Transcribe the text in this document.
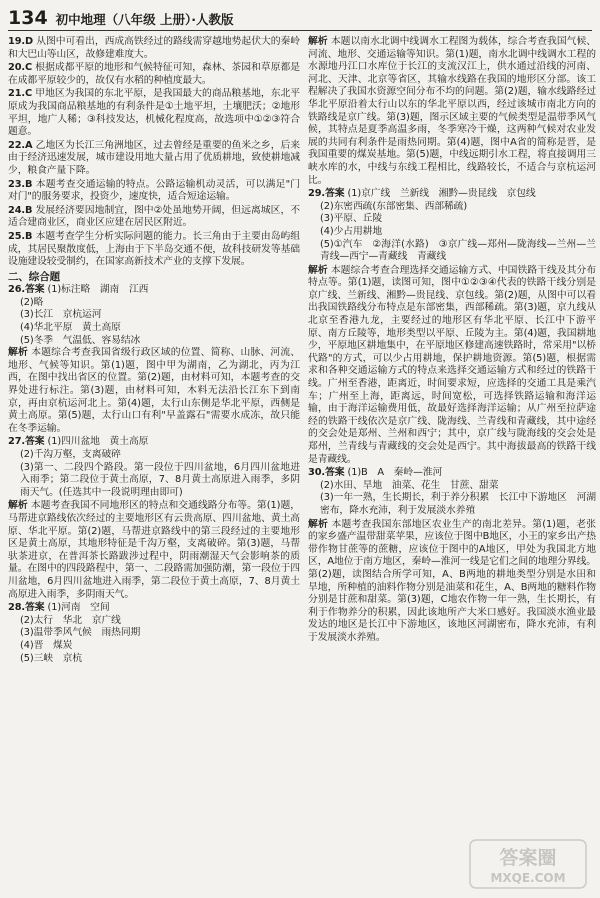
134 初中地理（八年级 上册）·人教版

19.D 从图中可看出，西成高铁经过的路线需穿越地势起伏大的秦岭和大巴山等山区，故修建难度大。

20.C 根据成都平原的地形和气候特征可知，森林、茶园和草原都是在成都平原较少的，故仅有水稻的种植度最大。

21.C 甲地区为我国的东北平原，是我国最大的商品粮基地，东北平原成为我国商品粮基地的有利条件是①土地平坦，土壤肥沃；②地形平坦，地广人稀；③科技发达，机械化程度高，故选项中①②③符合题意。

22.A 乙地区为长江三角洲地区，过去曾经是重要的鱼米之乡，后来由于经济迅速发展，城市建设用地大量占用了优质耕地，致使耕地减少，粮食产量下降。

23.B 本题考查交通运输的特点。公路运输机动灵活，可以满足"门对门"的服务要求，投资少，速度快，适合短途运输。

24.B 发展经济要因地制宜，图中②处虽地势开阔，但远离城区，不适合建商业区，商业区应建在居民区附近。

25.B 本题考查学生分析实际问题的能力。长三角由于主要由岛屿组成，其居民聚散度低，上海由于下半岛交通不便，故科技研发等基础设施建设较受制约，在国家高新技术产业的支撑下发展。

二、综合题

26.答案 (1)标注略　湖南　江西

(2)略

(3)长江　京杭运河

(4)华北平原　黄土高原

(5)冬季　气温低、容易结冰

解析 本题综合考查我国省级行政区域的位置、简称、山脉、河流、地形、气候等知识。第(1)题，图中甲为湖南，乙为湖北，丙为江西，在图中找出省区的位置。第(2)题，由材料可知，本题考查的交界处进行标注。第(3)题，由材料可知，木料无法沿长江东下到南京，再由京杭运河北上。第(4)题，太行山东侧是华北平原，西侧是黄土高原。第(5)题，太行山口有利"早盖露石"需要水成冻，故只能在冬季运输。

27.答案 (1)四川盆地　黄土高原

(2)千沟万壑，支离破碎

(3)第一、二段四个路段。第一段位于四川盆地，6月四川盆地进入雨季；第二段位于黄土高原，7、8月黄土高原进入雨季，多阴雨天气。(任选其中一段说明理由即可)

解析 本题考查我国不同地形区的特点和交通线路分布等。第(1)题，马帮进京路线依次经过的主要地形区有云贵高原、四川盆地、黄土高原、华北平原。第(2)题，马帮进京路线中的第三段经过的主要地形区是黄土高原，其地形特征是千沟万壑，支离破碎。第(3)题，马帮驮茶进京，在普洱茶长路跋涉过程中，阴雨潮湿天气会影响茶的质量。在图中的四段路程中，第一、二段路需加强防潮，第一段位于四川盆地，6月四川盆地进入雨季，第二段位于黄土高原，7、8月黄土高原进入雨季，多阴雨天气。

28.答案 (1)河南　空间

(2)太行　华北　京广线

(3)温带季风气候　雨热同期

(4)晋　煤炭

(5)三峡　京杭

解析 本题以南水北调中线调水工程图为载体，综合考查我国气候、河流、地形、交通运输等知识。第(1)题，南水北调中线调水工程的水源地丹江口水库位于长江的支流汉江上，供水通过沿线的河南、河北、天津、北京等省区，其输水线路在我国的地形区分部。该工程解决了我国水资源空间分布不均的问题。第(2)题，输水线路经过华北平原沿着太行山以东的华北平原以西，经过该城市南北方向的铁路线是京广线。第(3)题，图示区域主要的气候类型是温带季风气候，其特点是夏季高温多雨，冬季寒冷干燥，这两种气候对农业发展的共同有利条件是雨热同期。第(4)题，图中A省的简称是晋，是我国重要的煤炭基地。第(5)题，中线远期引水工程，将直接调用三峡水库的水，中线与东线工程相比，线路较长，不适合与京杭运河比。

29.答案 (1)京广线　兰新线　湘黔—贵昆线　京包线

(2)东密西疏(东部密集、西部稀疏)

(3)平原、丘陵

(4)少占用耕地

(5)①汽车　②海洋(水路)　③京广线—郑州—陇海线—兰州—兰青线—西宁—青藏线　青藏线

解析 本题综合考查合理选择交通运输方式、中国铁路干线及其分布特点等。第(1)题，读图可知，图中①②③④代表的铁路干线分别是京广线、兰新线、湘黔—贵昆线、京包线。第(2)题，从图中可以看出我国铁路线分布特点是东部密集，西部稀疏。第(3)题，京九线从北京至香港九龙，主要经过的地形区有华北平原、长江中下游平原、南方丘陵等，地形类型以平原、丘陵为主。第(4)题，我国耕地少，平原地区耕地集中，在平原地区修建高速铁路时，常采用"以桥代路"的方式，可以少占用耕地，保护耕地资源。第(5)题，根据需求和各种交通运输方式的特点来选择交通运输方式和经过的铁路干线。广州至香港，距离近，时间要求短，应选择的交通工具是乘汽车；广州至上海，距离远，时间宽松，可选择铁路运输和海洋运输，由于海洋运输费用低，故最好选择海洋运输；从广州至拉萨途经的铁路干线依次是京广线、陇海线、兰青线和青藏线，其中途经的交会处是郑州、兰州和西宁；其中，京广线与陇海线的交会处是郑州，兰青线与青藏线的交会处是西宁。其中海拔最高的铁路干线是青藏线。

30.答案 (1)B　A　秦岭—淮河

(2)水田、旱地　油菜、花生　甘蔗、甜菜

(3)一年一熟，生长期长，利于养分积累　长江中下游地区　河湖密布，降水充沛，利于发展淡水养殖

解析 本题考查我国东部地区农业生产的南北差异。第(1)题，老张的家乡盛产温带甜菜苹果，应该位于图中B地区，小王的家乡出产热带作物甘蔗等的蔗糖，应该位于图中的A地区，甲处为我国北方地区，A地位于南方地区，秦岭—淮河一线是它们之间的地理分界线。第(2)题，读图结合所学可知，A、B两地的耕地类型分别是水田和旱地，所种植的油料作物分别是油菜和花生，A、B两地的糖料作物分别是甘蔗和甜菜。第(3)题，C地农作物一年一熟，生长期长，有利于作物养分的积累，因此该地所产大米口感好。我国淡水渔业最发达的地区是长江中下游地区，该地区河湖密布，降水充沛，有利于发展淡水养殖。

答案圈
MXQE.COM
